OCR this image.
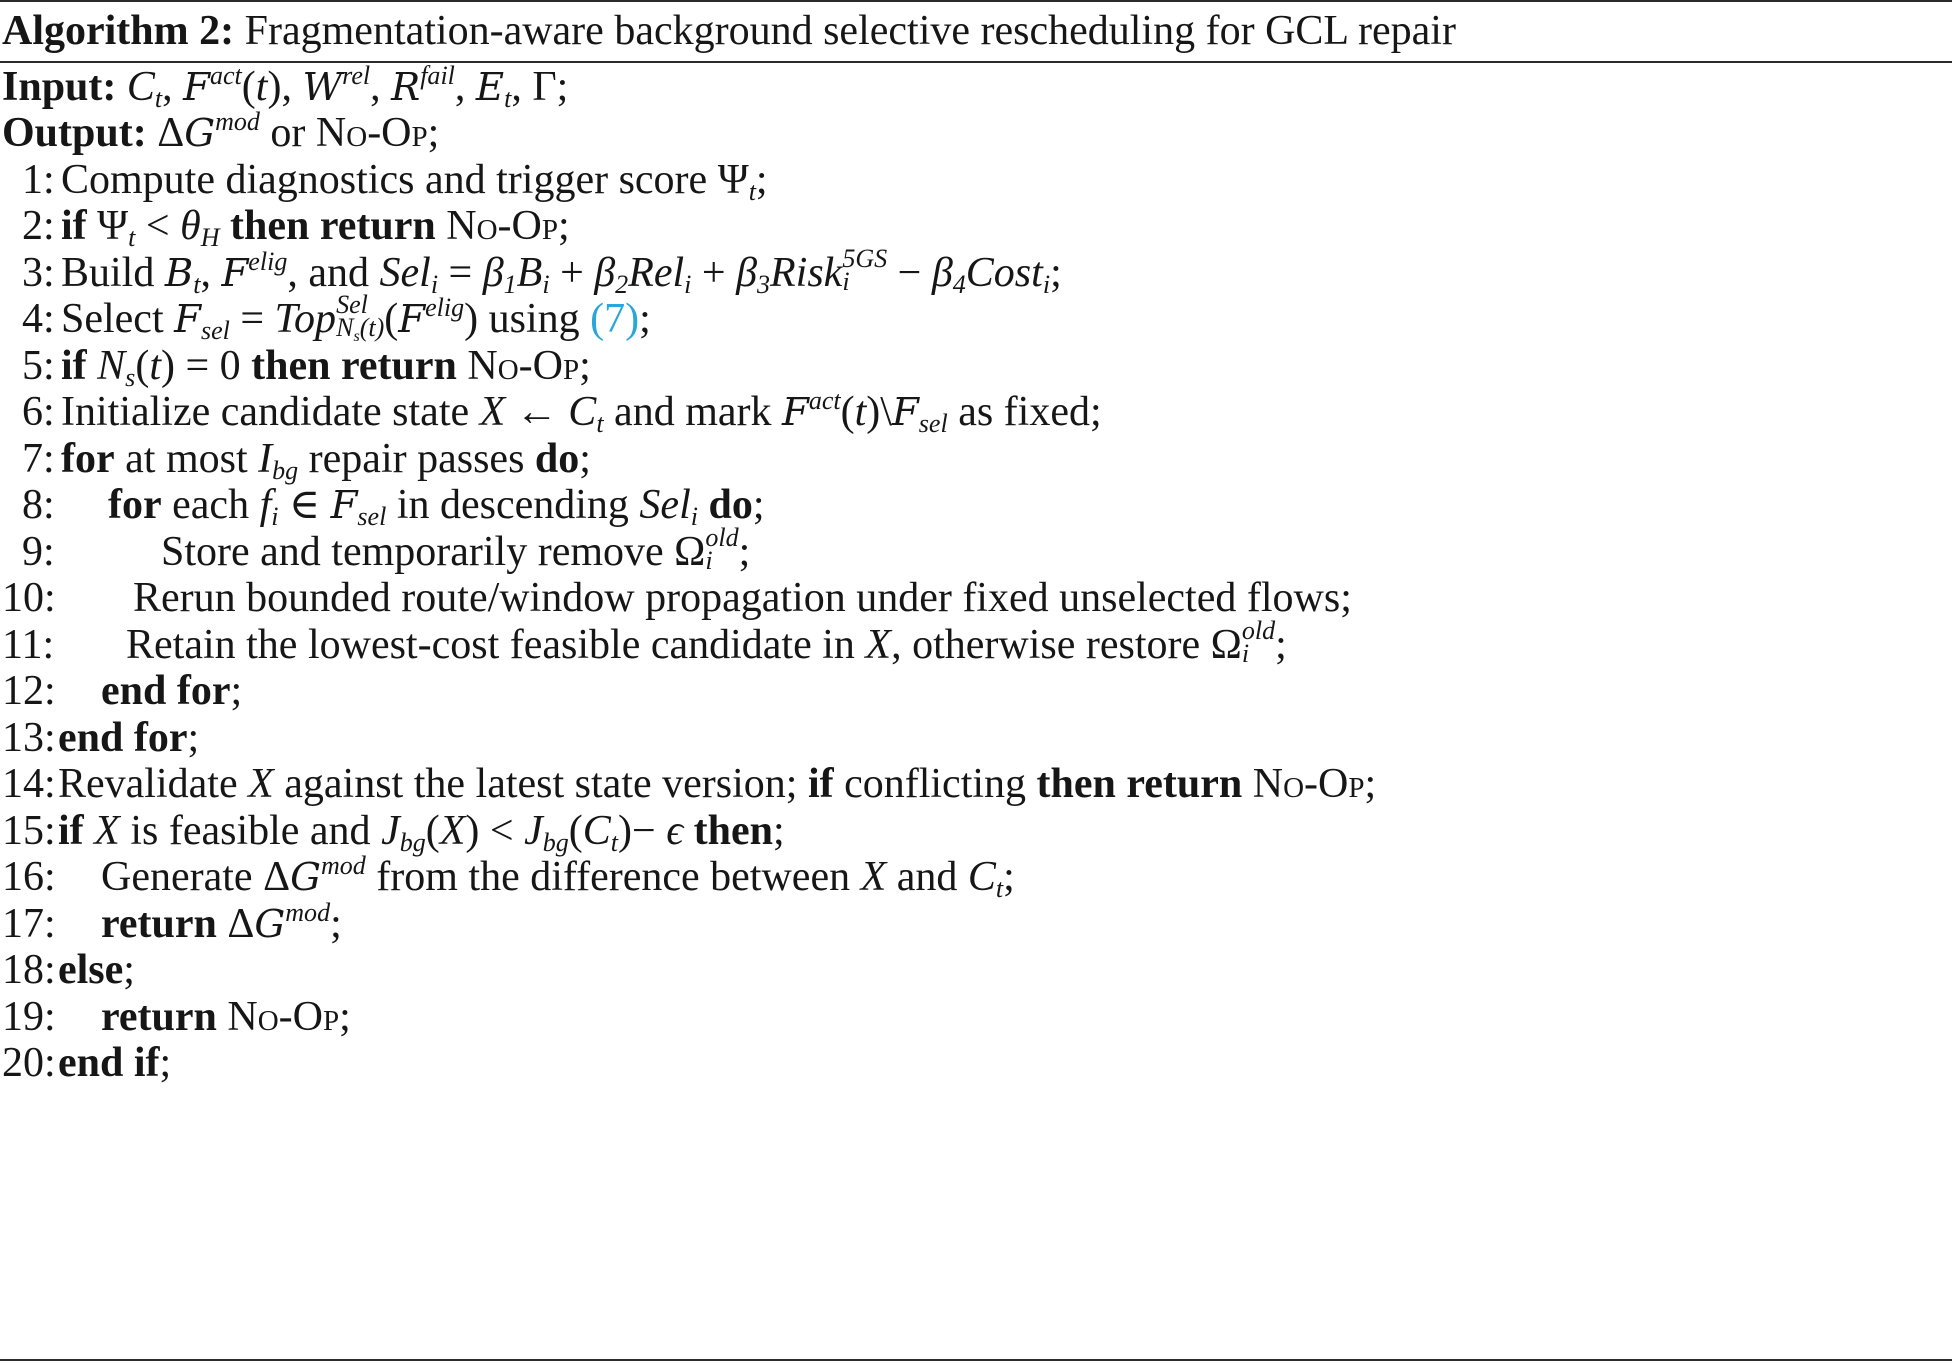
Algorithm 2: Fragmentation-aware background selective rescheduling for GCL repair
Input: $C_t$, $F^{act}(t)$, $W^{rel}$, $R^{fail}$, $E_t$, Γ;
Output: $\Delta G^{mod}$ or No-Op;
1: Compute diagnostics and trigger score $\Psi_t$;
2: if $\Psi_t < \theta_H$ then return No-Op;
3: Build $B_t$, $F^{elig}$, and $Sel_i = \beta_1B_i + \beta_2Rel_i$ + $\beta_3Risk$ 5GS
$i - \beta_4Cost_i$;
4: Select $F_{sel}$ = Top Sel
$N_s(t)$ $(F^{elig})$ using (7);
5: if $N_s(t) = 0$ then return No-Op;
6: Initialize candidate state X ← $C_t$ and mark $F^{act}(t)\backslash F_{sel}$ as fixed;
7: for at most $I_{bg}$ repair passes do;
8: for each $f_i$ ∈ $F_{sel}$ in descending Sel$_i$ do;
9:	Store and temporarily remove Ω old
i ;
10: Rerun bounded route/window propagation under fixed unselected flows;
11: Retain the lowest-cost feasible candidate in X, otherwise restore Ω old
i ;
12: end for;
13: end for;
14: Revalidate X against the latest state version; if conflicting then return No-Op;
15: if X is feasible and $J_{bg}(X) < J_{bg}(C_t)- \epsilon$ then;
16: Generate $\Delta G^{mod}$ from the difference between X and $C_t$;
17: return $\Delta G^{mod}$;
18: else;
19: return No-Op;
20: end if;
